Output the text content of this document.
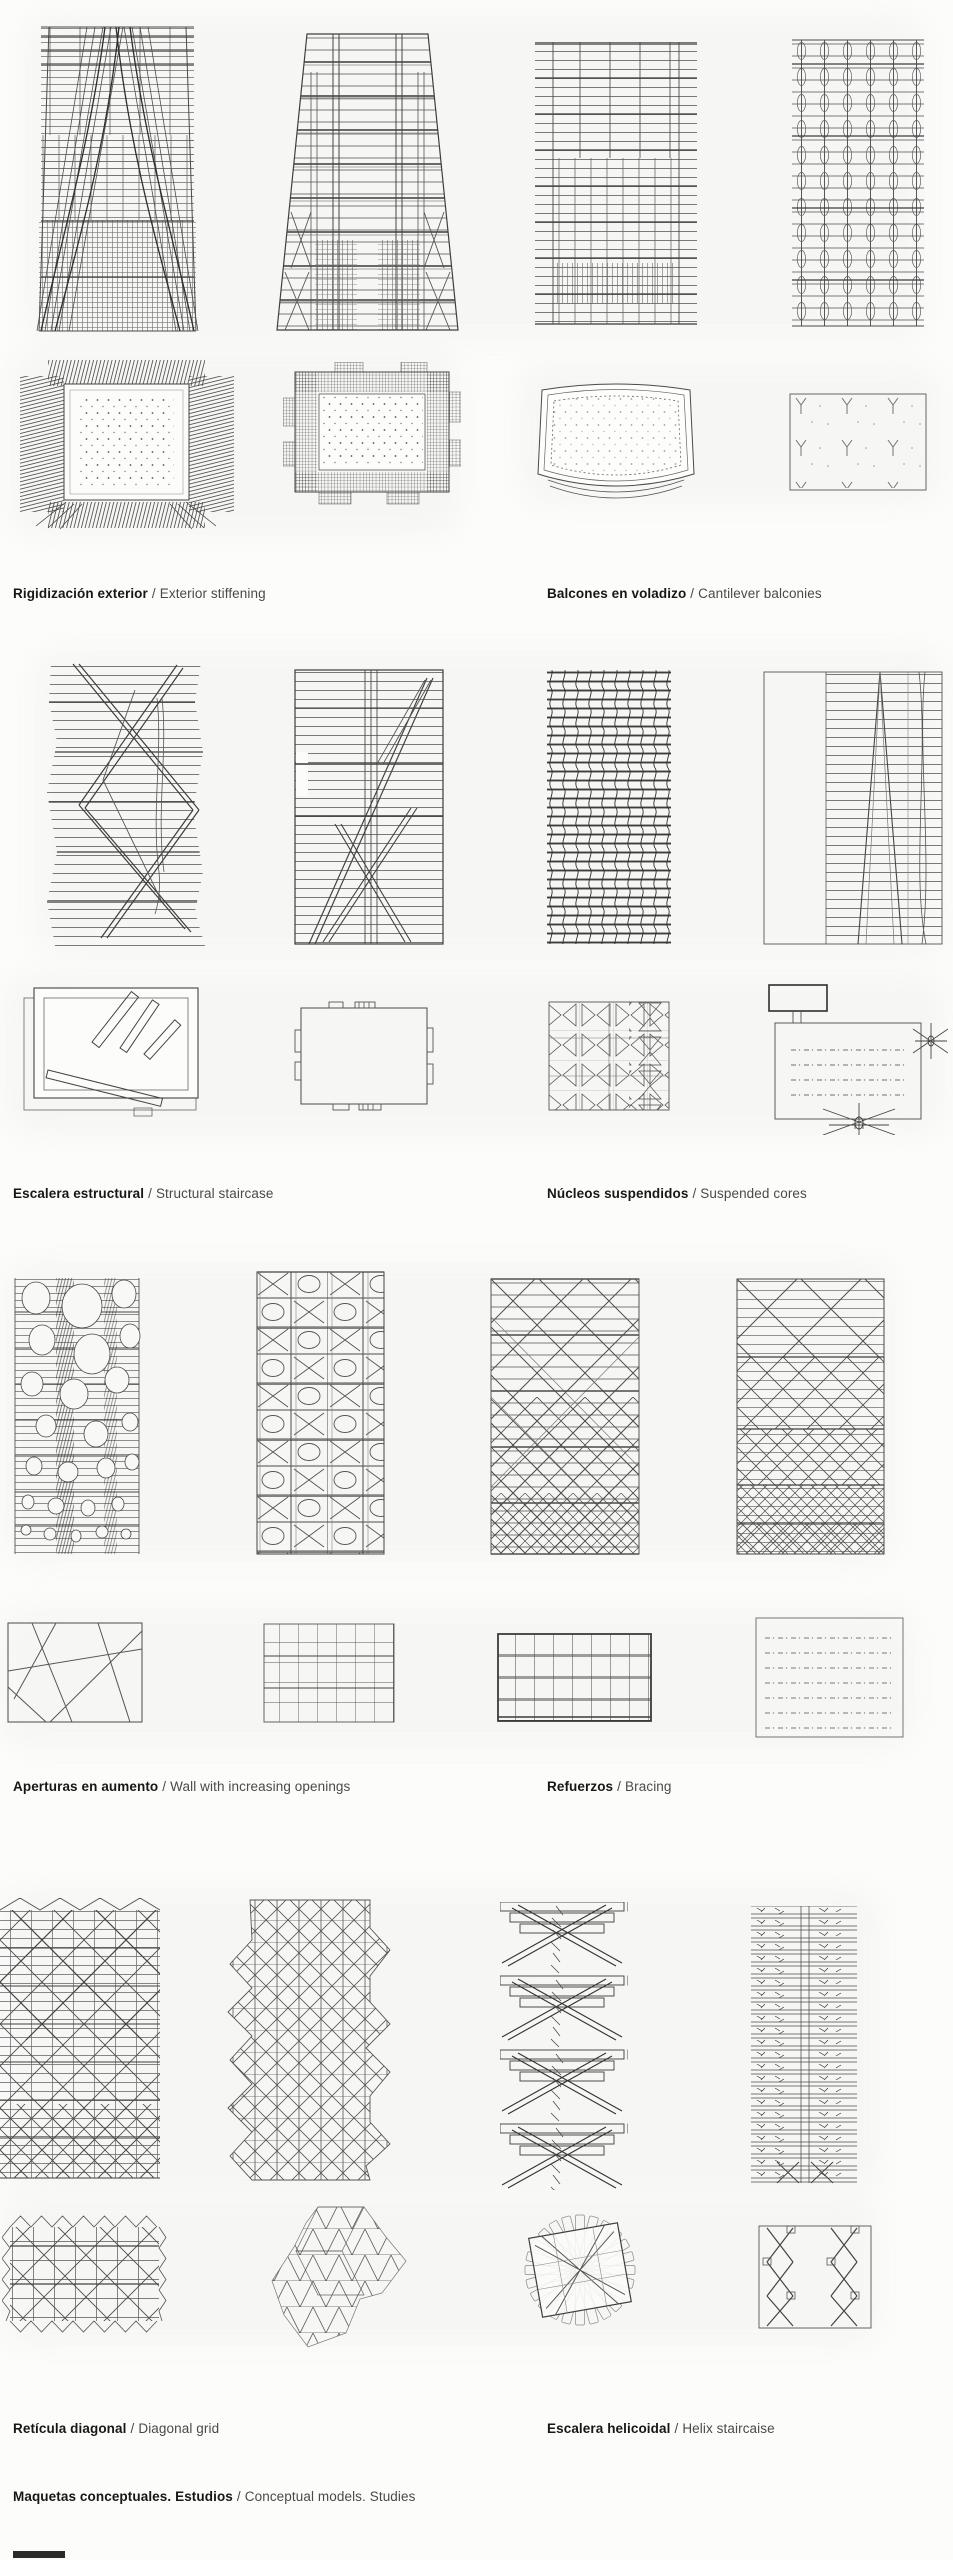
Rigidización exterior / Exterior stiffening	Balcones en voladizo / Cantilever balconies
Escalera estructural / Structural staircase	Núcleos suspendidos / Suspended cores
Aperturas en aumento / Wall with increasing openings	Refuerzos / Bracing
Retícula diagonal / Diagonal grid	Escalera helicoidal / Helix staircaise
Maquetas conceptuales. Estudios / Conceptual models. Studies
